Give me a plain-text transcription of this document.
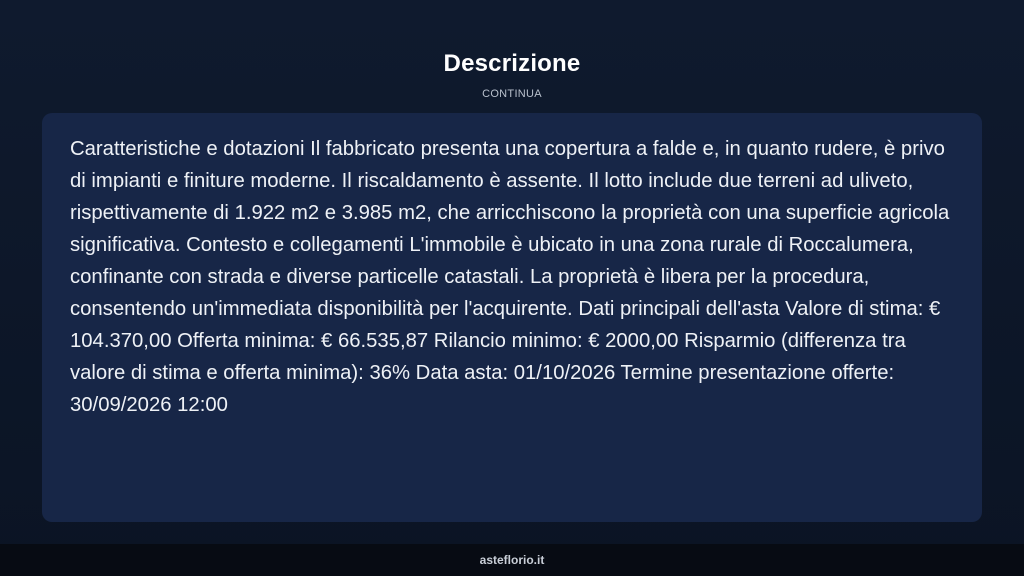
Descrizione
CONTINUA

Caratteristiche e dotazioni Il fabbricato presenta una copertura a falde e, in quanto rudere, è privo di impianti e finiture moderne. Il riscaldamento è assente. Il lotto include due terreni ad uliveto, rispettivamente di 1.922 m2 e 3.985 m2, che arricchiscono la proprietà con una superficie agricola significativa. Contesto e collegamenti L'immobile è ubicato in una zona rurale di Roccalumera, confinante con strada e diverse particelle catastali. La proprietà è libera per la procedura, consentendo un'immediata disponibilità per l'acquirente. Dati principali dell'asta Valore di stima: € 104.370,00 Offerta minima: € 66.535,87 Rilancio minimo: € 2000,00 Risparmio (differenza tra valore di stima e offerta minima): 36% Data asta: 01/10/2026 Termine presentazione offerte: 30/09/2026 12:00

asteflorio.it
